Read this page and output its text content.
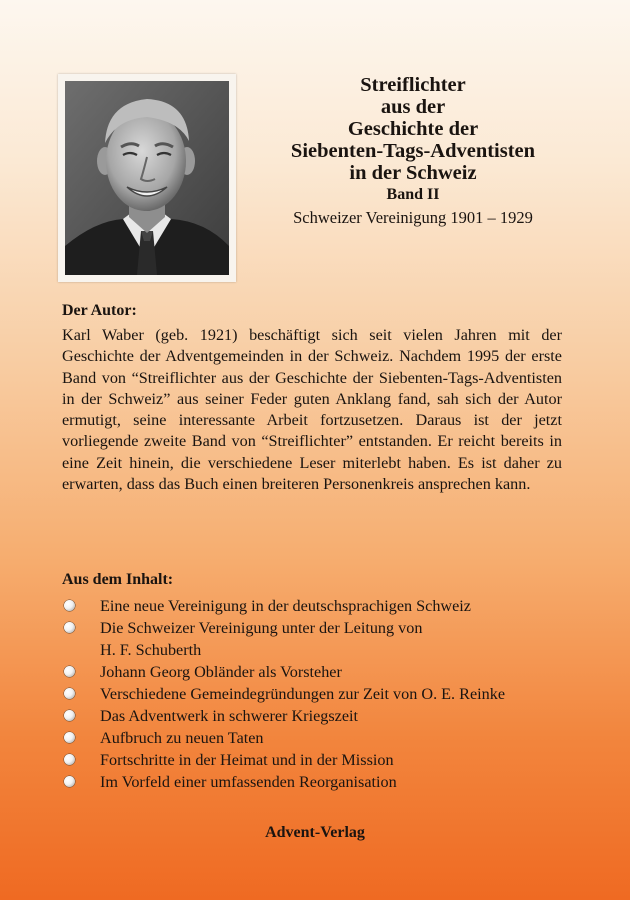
Streiflichter
aus der
Geschichte der
Siebenten-Tags-Adventisten
in der Schweiz
Band II
Schweizer Vereinigung 1901 – 1929
Der Autor:

Karl Waber (geb. 1921) beschäftigt sich seit vielen Jahren mit der Geschichte der Adventgemeinden in der Schweiz. Nachdem 1995 der erste Band von “Streiflichter aus der Geschichte der Siebenten-Tags-Adventisten in der Schweiz” aus seiner Feder guten Anklang fand, sah sich der Autor ermutigt, seine interessante Arbeit fortzusetzen. Daraus ist der jetzt vorliegende zweite Band von “Streiflichter” entstanden. Er reicht bereits in eine Zeit hinein, die verschiedene Leser miterlebt haben. Es ist daher zu erwarten, dass das Buch einen breiteren Personenkreis ansprechen kann.

Aus dem Inhalt:
Eine neue Vereinigung in der deutschsprachigen Schweiz
Die Schweizer Vereinigung unter der Leitung von
H. F. Schuberth
Johann Georg Obländer als Vorsteher
Verschiedene Gemeindegründungen zur Zeit von O. E. Reinke
Das Adventwerk in schwerer Kriegszeit
Aufbruch zu neuen Taten
Fortschritte in der Heimat und in der Mission
Im Vorfeld einer umfassenden Reorganisation
Advent-Verlag
